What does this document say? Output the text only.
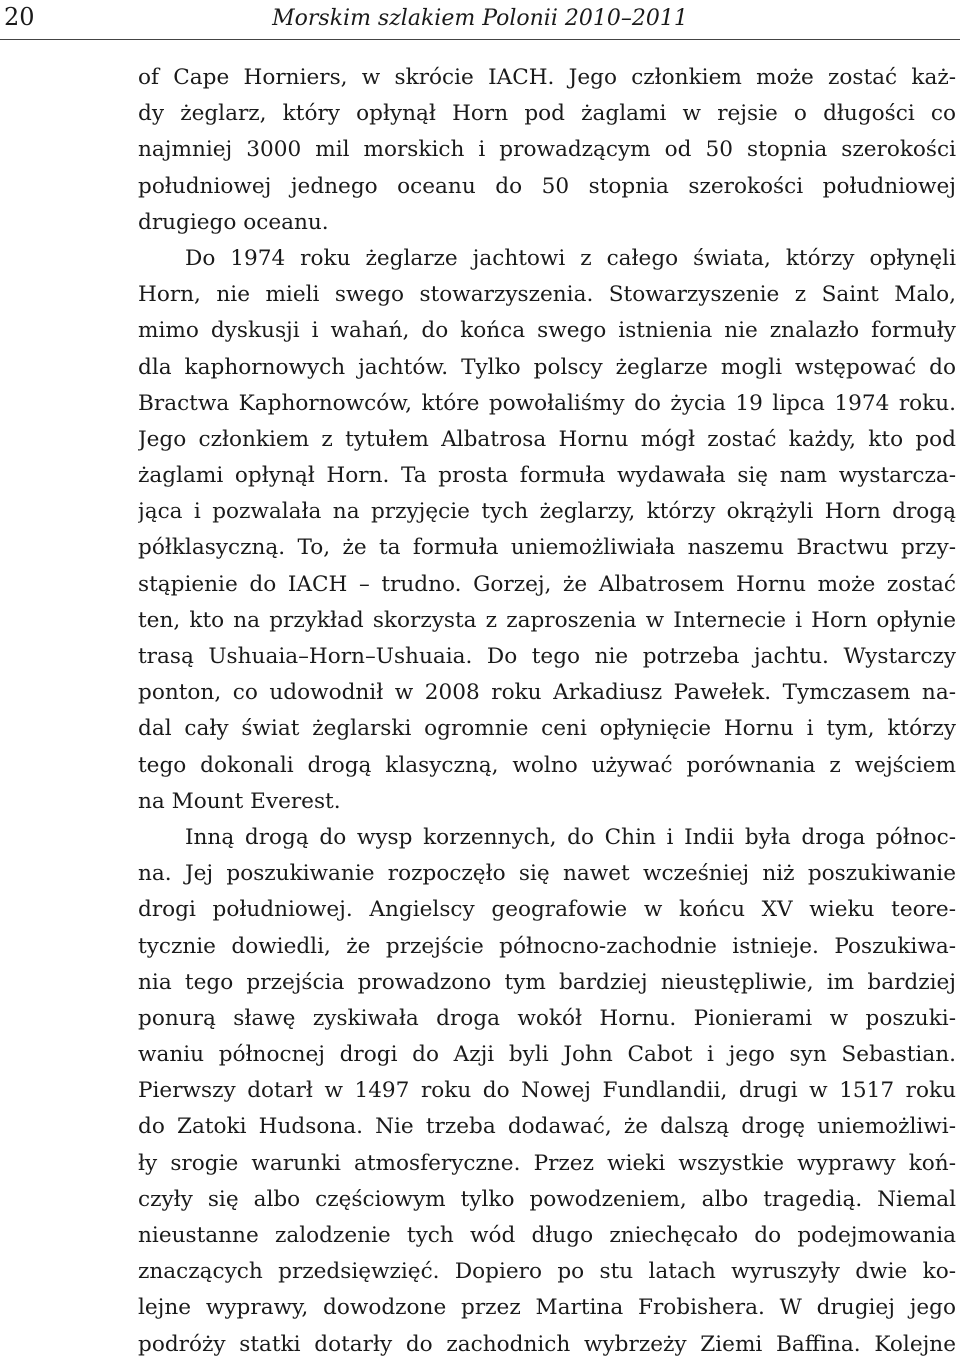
20	Morskim szlakiem Polonii 2010–2011
of Cape Horniers, w skrócie IACH. Jego członkiem może zostać każ-
dy żeglarz, który opłynął Horn pod żaglami w rejsie o długości co
najmniej 3000 mil morskich i prowadzącym od 50 stopnia szerokości
południowej jednego oceanu do 50 stopnia szerokości południowej
drugiego oceanu.
Do 1974 roku żeglarze jachtowi z całego świata, którzy opłynęli
Horn, nie mieli swego stowarzyszenia. Stowarzyszenie z Saint Malo,
mimo dyskusji i wahań, do końca swego istnienia nie znalazło formuły
dla kaphornowych jachtów. Tylko polscy żeglarze mogli wstępować do
Bractwa Kaphornowców, które powołaliśmy do życia 19 lipca 1974 roku.
Jego członkiem z tytułem Albatrosa Hornu mógł zostać każdy, kto pod
żaglami opłynął Horn. Ta prosta formuła wydawała się nam wystarcza-
jąca i pozwalała na przyjęcie tych żeglarzy, którzy okrążyli Horn drogą
półklasyczną. To, że ta formuła uniemożliwiała naszemu Bractwu przy-
stąpienie do IACH – trudno. Gorzej, że Albatrosem Hornu może zostać
ten, kto na przykład skorzysta z zaproszenia w Internecie i Horn opłynie
trasą Ushuaia–Horn–Ushuaia. Do tego nie potrzeba jachtu. Wystarczy
ponton, co udowodnił w 2008 roku Arkadiusz Pawełek. Tymczasem na-
dal cały świat żeglarski ogromnie ceni opłynięcie Hornu i tym, którzy
tego dokonali drogą klasyczną, wolno używać porównania z wejściem
na Mount Everest.
Inną drogą do wysp korzennych, do Chin i Indii była droga północ-
na. Jej poszukiwanie rozpoczęło się nawet wcześniej niż poszukiwanie
drogi południowej. Angielscy geografowie w końcu XV wieku teore-
tycznie dowiedli, że przejście północno-zachodnie istnieje. Poszukiwa-
nia tego przejścia prowadzono tym bardziej nieustępliwie, im bardziej
ponurą sławę zyskiwała droga wokół Hornu. Pionierami w poszuki-
waniu północnej drogi do Azji byli John Cabot i jego syn Sebastian.
Pierwszy dotarł w 1497 roku do Nowej Fundlandii, drugi w 1517 roku
do Zatoki Hudsona. Nie trzeba dodawać, że dalszą drogę uniemożliwi-
ły srogie warunki atmosferyczne. Przez wieki wszystkie wyprawy koń-
czyły się albo częściowym tylko powodzeniem, albo tragedią. Niemal
nieustanne zalodzenie tych wód długo zniechęcało do podejmowania
znaczących przedsięwzięć. Dopiero po stu latach wyruszyły dwie ko-
lejne wyprawy, dowodzone przez Martina Frobishera. W drugiej jego
podróży statki dotarły do zachodnich wybrzeży Ziemi Baffina. Kolejne
